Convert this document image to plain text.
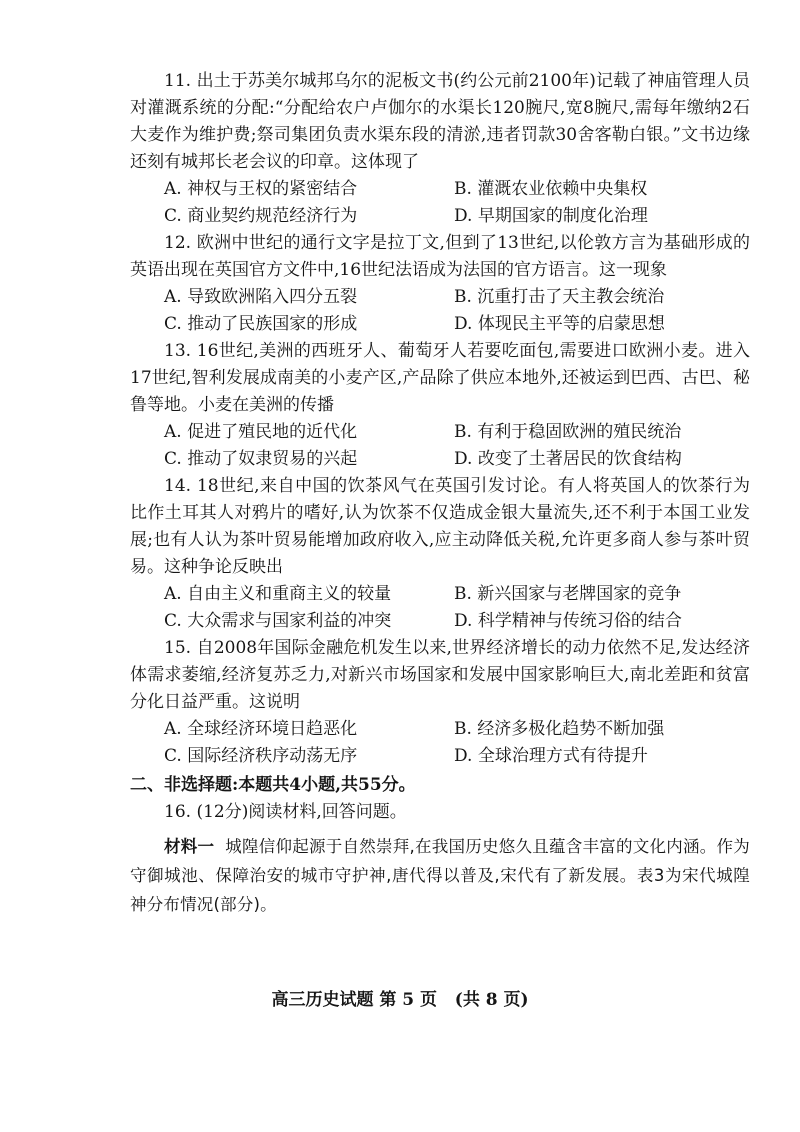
11. 出土于苏美尔城邦乌尔的泥板文书(约公元前2100年)记载了神庙管理人员对灌溉系统的分配:“分配给农户卢伽尔的水渠长120腕尺,宽8腕尺,需每年缴纳2石大麦作为维护费;祭司集团负责水渠东段的清淤,违者罚款30舍客勒白银。”文书边缘还刻有城邦长老会议的印章。这体现了

A. 神权与王权的紧密结合	B. 灌溉农业依赖中央集权

C. 商业契约规范经济行为	D. 早期国家的制度化治理

12. 欧洲中世纪的通行文字是拉丁文,但到了13世纪,以伦敦方言为基础形成的英语出现在英国官方文件中,16世纪法语成为法国的官方语言。这一现象

A. 导致欧洲陷入四分五裂	B. 沉重打击了天主教会统治

C. 推动了民族国家的形成	D. 体现民主平等的启蒙思想

13. 16世纪,美洲的西班牙人、葡萄牙人若要吃面包,需要进口欧洲小麦。进入17世纪,智利发展成南美的小麦产区,产品除了供应本地外,还被运到巴西、古巴、秘鲁等地。小麦在美洲的传播

A. 促进了殖民地的近代化	B. 有利于稳固欧洲的殖民统治

C. 推动了奴隶贸易的兴起	D. 改变了土著居民的饮食结构

14. 18世纪,来自中国的饮茶风气在英国引发讨论。有人将英国人的饮茶行为比作土耳其人对鸦片的嗜好,认为饮茶不仅造成金银大量流失,还不利于本国工业发展;也有人认为茶叶贸易能增加政府收入,应主动降低关税,允许更多商人参与茶叶贸易。这种争论反映出

A. 自由主义和重商主义的较量	B. 新兴国家与老牌国家的竞争

C. 大众需求与国家利益的冲突	D. 科学精神与传统习俗的结合

15. 自2008年国际金融危机发生以来,世界经济增长的动力依然不足,发达经济体需求萎缩,经济复苏乏力,对新兴市场国家和发展中国家影响巨大,南北差距和贫富分化日益严重。这说明

A. 全球经济环境日趋恶化	B. 经济多极化趋势不断加强

C. 国际经济秩序动荡无序	D. 全球治理方式有待提升

二、非选择题:本题共4小题,共55分。

16. (12分)阅读材料,回答问题。

材料一 城隍信仰起源于自然崇拜,在我国历史悠久且蕴含丰富的文化内涵。作为守御城池、保障治安的城市守护神,唐代得以普及,宋代有了新发展。表3为宋代城隍神分布情况(部分)。

高三历史试题 第 5 页   (共 8 页)
